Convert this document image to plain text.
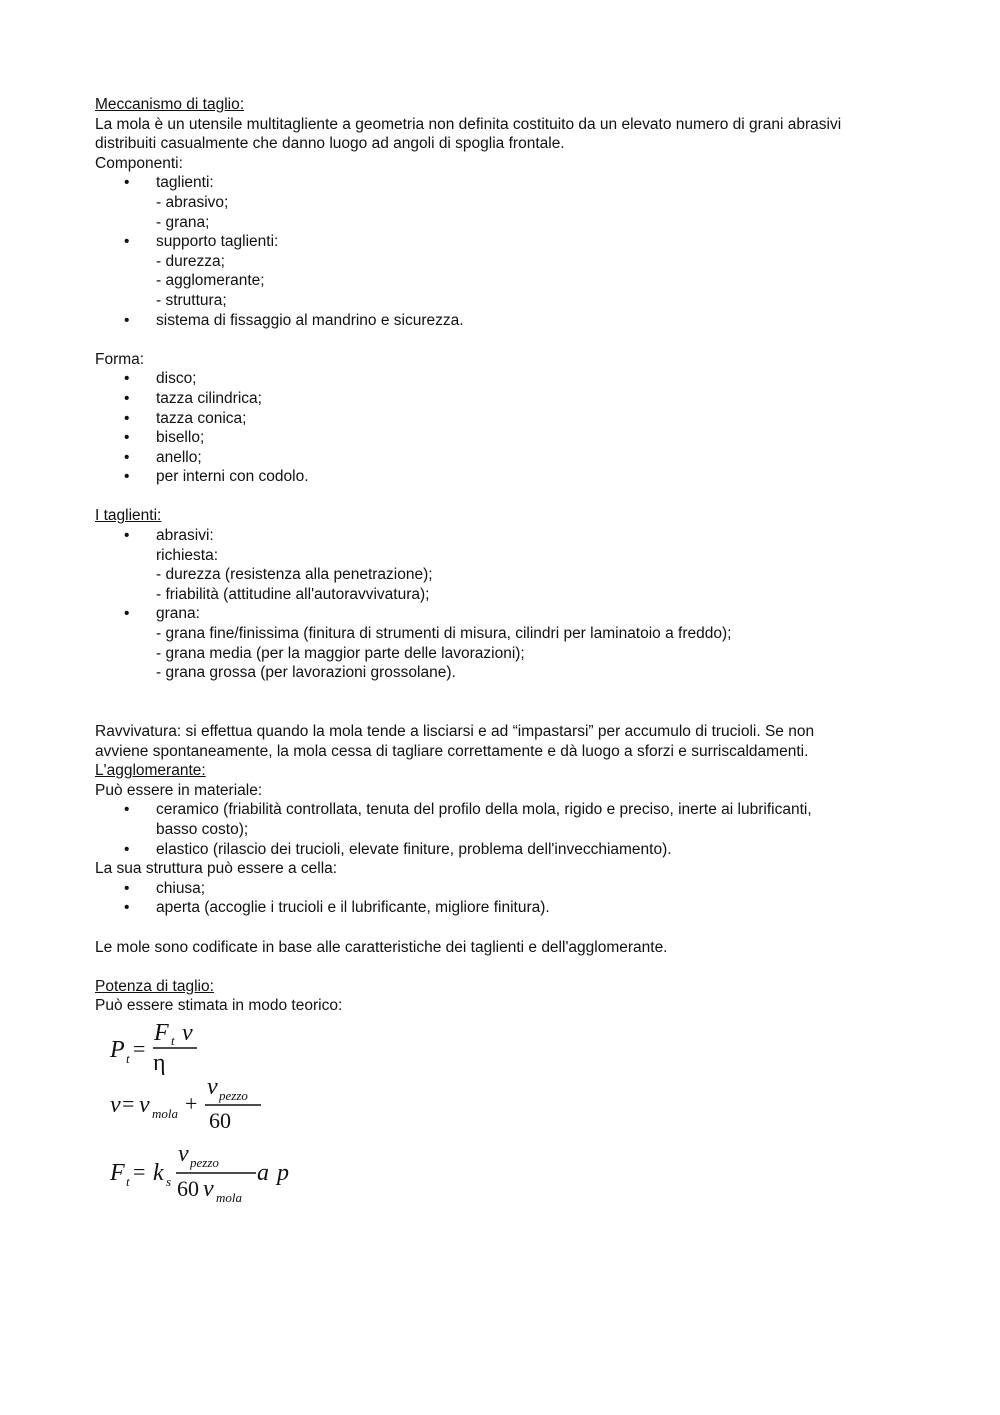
Meccanismo di taglio:
La mola è un utensile multitagliente a geometria non definita costituito da un elevato numero di grani abrasivi
distribuiti casualmente che danno luogo ad angoli di spoglia frontale.
Componenti:
• taglienti:
- abrasivo;
- grana;
• supporto taglienti:
- durezza;
- agglomerante;
- struttura;
• sistema di fissaggio al mandrino e sicurezza.
Forma:
• disco;
• tazza cilindrica;
• tazza conica;
• bisello;
• anello;
• per interni con codolo.
I taglienti:
• abrasivi:
richiesta:
- durezza (resistenza alla penetrazione);
- friabilità (attitudine all'autoravvivatura);
• grana:
- grana fine/finissima (finitura di strumenti di misura, cilindri per laminatoio a freddo);
- grana media (per la maggior parte delle lavorazioni);
- grana grossa (per lavorazioni grossolane).
Ravvivatura: si effettua quando la mola tende a lisciarsi e ad “impastarsi” per accumulo di trucioli. Se non
avviene spontaneamente, la mola cessa di tagliare correttamente e dà luogo a sforzi e surriscaldamenti.
L'agglomerante:
Può essere in materiale:
• ceramico (friabilità controllata, tenuta del profilo della mola, rigido e preciso, inerte ai lubrificanti,
basso costo);
• elastico (rilascio dei trucioli, elevate finiture, problema dell'invecchiamento).
La sua struttura può essere a cella:
• chiusa;
• aperta (accoglie i trucioli e il lubrificante, migliore finitura).
Le mole sono codificate in base alle caratteristiche dei taglienti e dell'agglomerante.
Potenza di taglio:
Può essere stimata in modo teorico:
P t =
F t v
η
v = v mola +
v pezzo
60
F t = k s
v pezzo
60 v mola
a p
